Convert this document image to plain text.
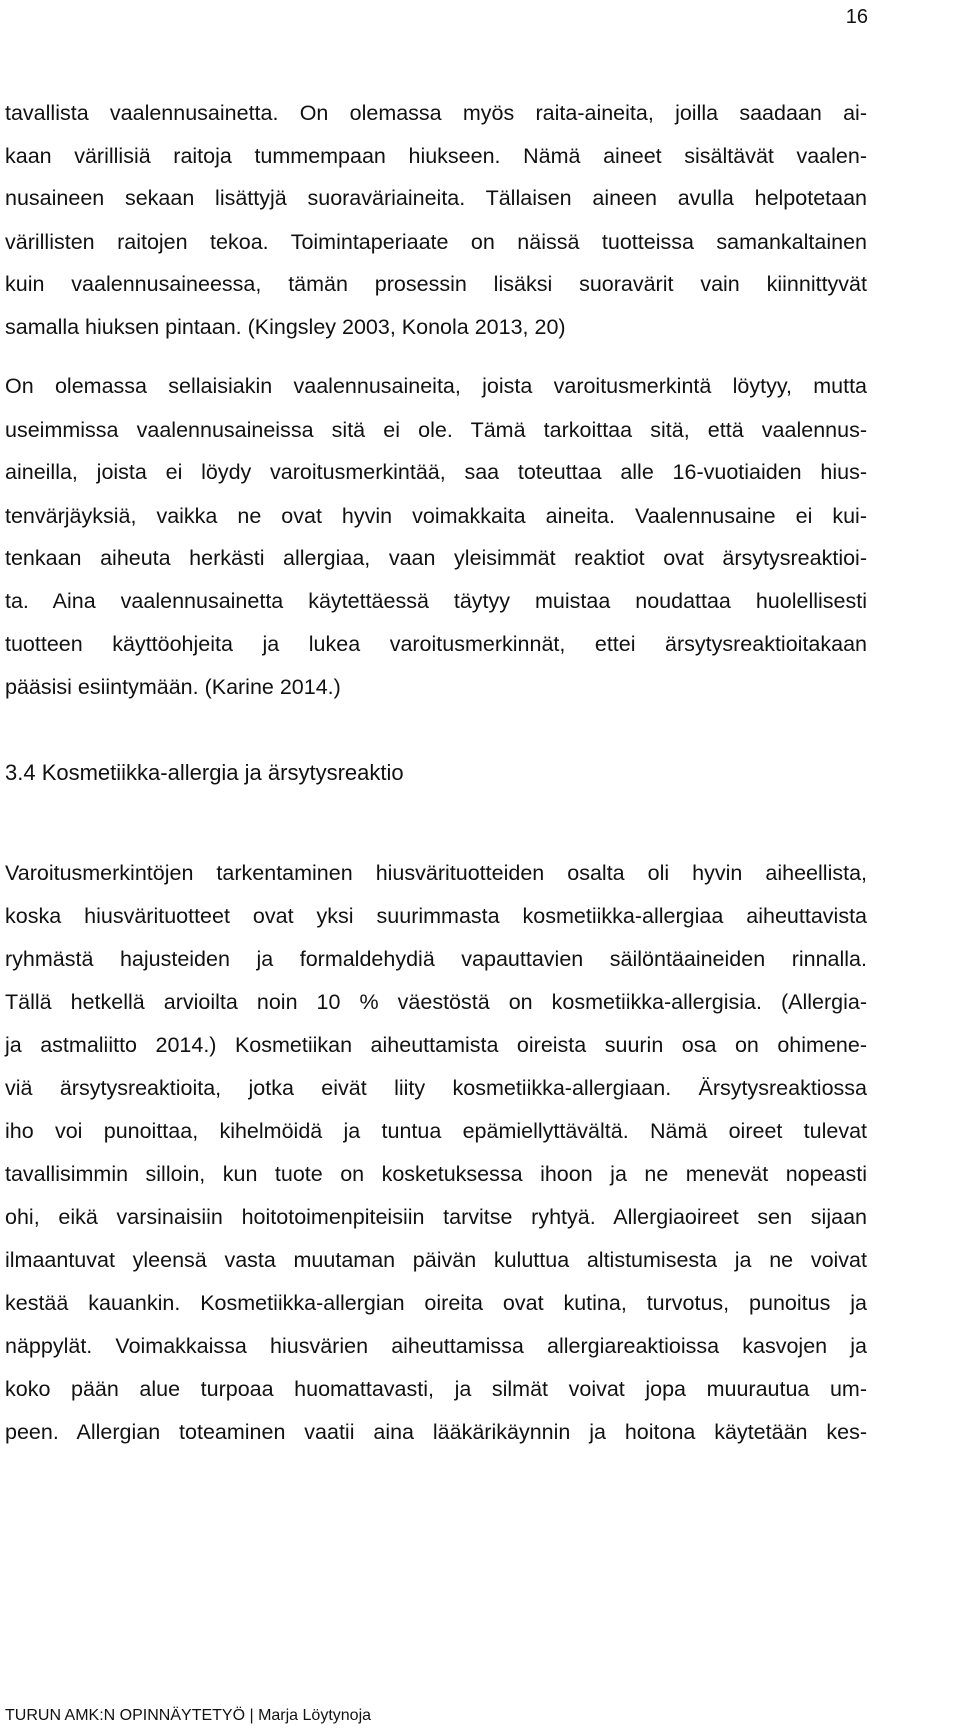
16
tavallista vaalennusainetta. On olemassa myös raita-aineita, joilla saadaan ai-
kaan värillisiä raitoja tummempaan hiukseen. Nämä aineet sisältävät vaalen-
nusaineen sekaan lisättyjä suoraväriaineita. Tällaisen aineen avulla helpotetaan
värillisten raitojen tekoa. Toimintaperiaate on näissä tuotteissa samankaltainen
kuin vaalennusaineessa, tämän prosessin lisäksi suoravärit vain kiinnittyvät
samalla hiuksen pintaan. (Kingsley 2003, Konola 2013, 20)
On olemassa sellaisiakin vaalennusaineita, joista varoitusmerkintä löytyy, mutta
useimmissa vaalennusaineissa sitä ei ole. Tämä tarkoittaa sitä, että vaalennus-
aineilla, joista ei löydy varoitusmerkintää, saa toteuttaa alle 16-vuotiaiden hius-
tenvärjäyksiä, vaikka ne ovat hyvin voimakkaita aineita. Vaalennusaine ei kui-
tenkaan aiheuta herkästi allergiaa, vaan yleisimmät reaktiot ovat ärsytysreaktioi-
ta. Aina vaalennusainetta käytettäessä täytyy muistaa noudattaa huolellisesti
tuotteen käyttöohjeita ja lukea varoitusmerkinnät, ettei ärsytysreaktioitakaan
pääsisi esiintymään. (Karine 2014.)
3.4 Kosmetiikka-allergia ja ärsytysreaktio
Varoitusmerkintöjen tarkentaminen hiusvärituotteiden osalta oli hyvin aiheellista,
koska hiusvärituotteet ovat yksi suurimmasta kosmetiikka-allergiaa aiheuttavista
ryhmästä hajusteiden ja formaldehydiä vapauttavien säilöntäaineiden rinnalla.
Tällä hetkellä arvioilta noin 10 % väestöstä on kosmetiikka-allergisia. (Allergia-
ja astmaliitto 2014.) Kosmetiikan aiheuttamista oireista suurin osa on ohimene-
viä ärsytysreaktioita, jotka eivät liity kosmetiikka-allergiaan. Ärsytysreaktiossa
iho voi punoittaa, kihelmöidä ja tuntua epämiellyttävältä. Nämä oireet tulevat
tavallisimmin silloin, kun tuote on kosketuksessa ihoon ja ne menevät nopeasti
ohi, eikä varsinaisiin hoitotoimenpiteisiin tarvitse ryhtyä. Allergiaoireet sen sijaan
ilmaantuvat yleensä vasta muutaman päivän kuluttua altistumisesta ja ne voivat
kestää kauankin. Kosmetiikka-allergian oireita ovat kutina, turvotus, punoitus ja
näppylät. Voimakkaissa hiusvärien aiheuttamissa allergiareaktioissa kasvojen ja
koko pään alue turpoaa huomattavasti, ja silmät voivat jopa muurautua um-
peen. Allergian toteaminen vaatii aina lääkärikäynnin ja hoitona käytetään kes-
TURUN AMK:N OPINNÄYTETYÖ | Marja Löytynoja
